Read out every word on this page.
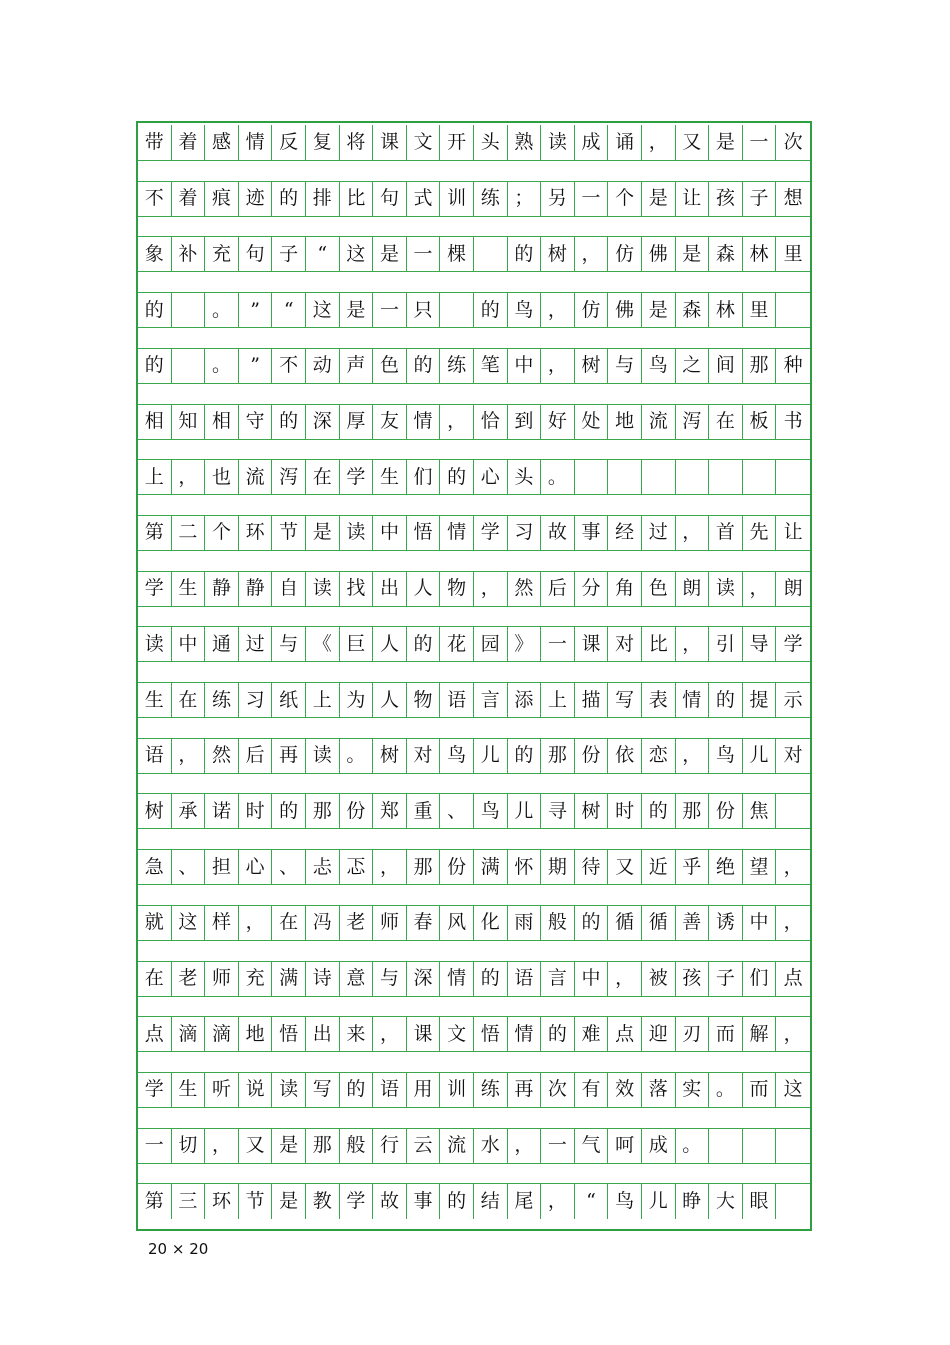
带 着 感 情 反 复 将 课 文 开 头 熟 读 成 诵 ， 又 是 一 次
不 着 痕 迹 的 排 比 句 式 训 练 ； 另 一 个 是 让 孩 子 想
象 补 充 句 子	“	这 是 一 棵	的 树 ， 仿 佛 是 森 林 里
的	。	”	“	这 是 一 只	的 鸟 ， 仿 佛 是 森 林 里
的	。	”	不 动 声 色 的 练 笔 中 ， 树 与 鸟 之 间 那 种
相 知 相 守 的 深 厚 友 情 ， 恰 到 好 处 地 流 泻 在 板 书
上 ， 也 流 泻 在 学 生 们 的 心 头 。
第 二 个 环 节 是 读 中 悟 情 学 习 故 事 经 过 ， 首 先 让
学 生 静 静 自 读 找 出 人 物 ， 然 后 分 角 色 朗 读 ， 朗
读 中 通 过 与 《 巨 人 的 花 园 》 一 课 对 比 ， 引 导 学
生 在 练 习 纸 上 为 人 物 语 言 添 上 描 写 表 情 的 提 示
语 ， 然 后 再 读 。 树 对 鸟 儿 的 那 份 依 恋 ， 鸟 儿 对
树 承 诺 时 的 那 份 郑 重 、 鸟 儿 寻 树 时 的 那 份 焦
急 、 担 心 、 忐 忑 ， 那 份 满 怀 期 待 又 近 乎 绝 望 ，
就 这 样 ， 在 冯 老 师 春 风 化 雨 般 的 循 循 善 诱 中 ，
在 老 师 充 满 诗 意 与 深 情 的 语 言 中 ， 被 孩 子 们 点
点 滴 滴 地 悟 出 来 ， 课 文 悟 情 的 难 点 迎 刃 而 解 ，
学 生 听 说 读 写 的 语 用 训 练 再 次 有 效 落 实 。 而 这
一 切 ， 又 是 那 般 行 云 流 水 ， 一 气 呵 成 。
第 三 环 节 是 教 学 故 事 的 结 尾 ，	“	鸟 儿 睁 大 眼
20 × 20
